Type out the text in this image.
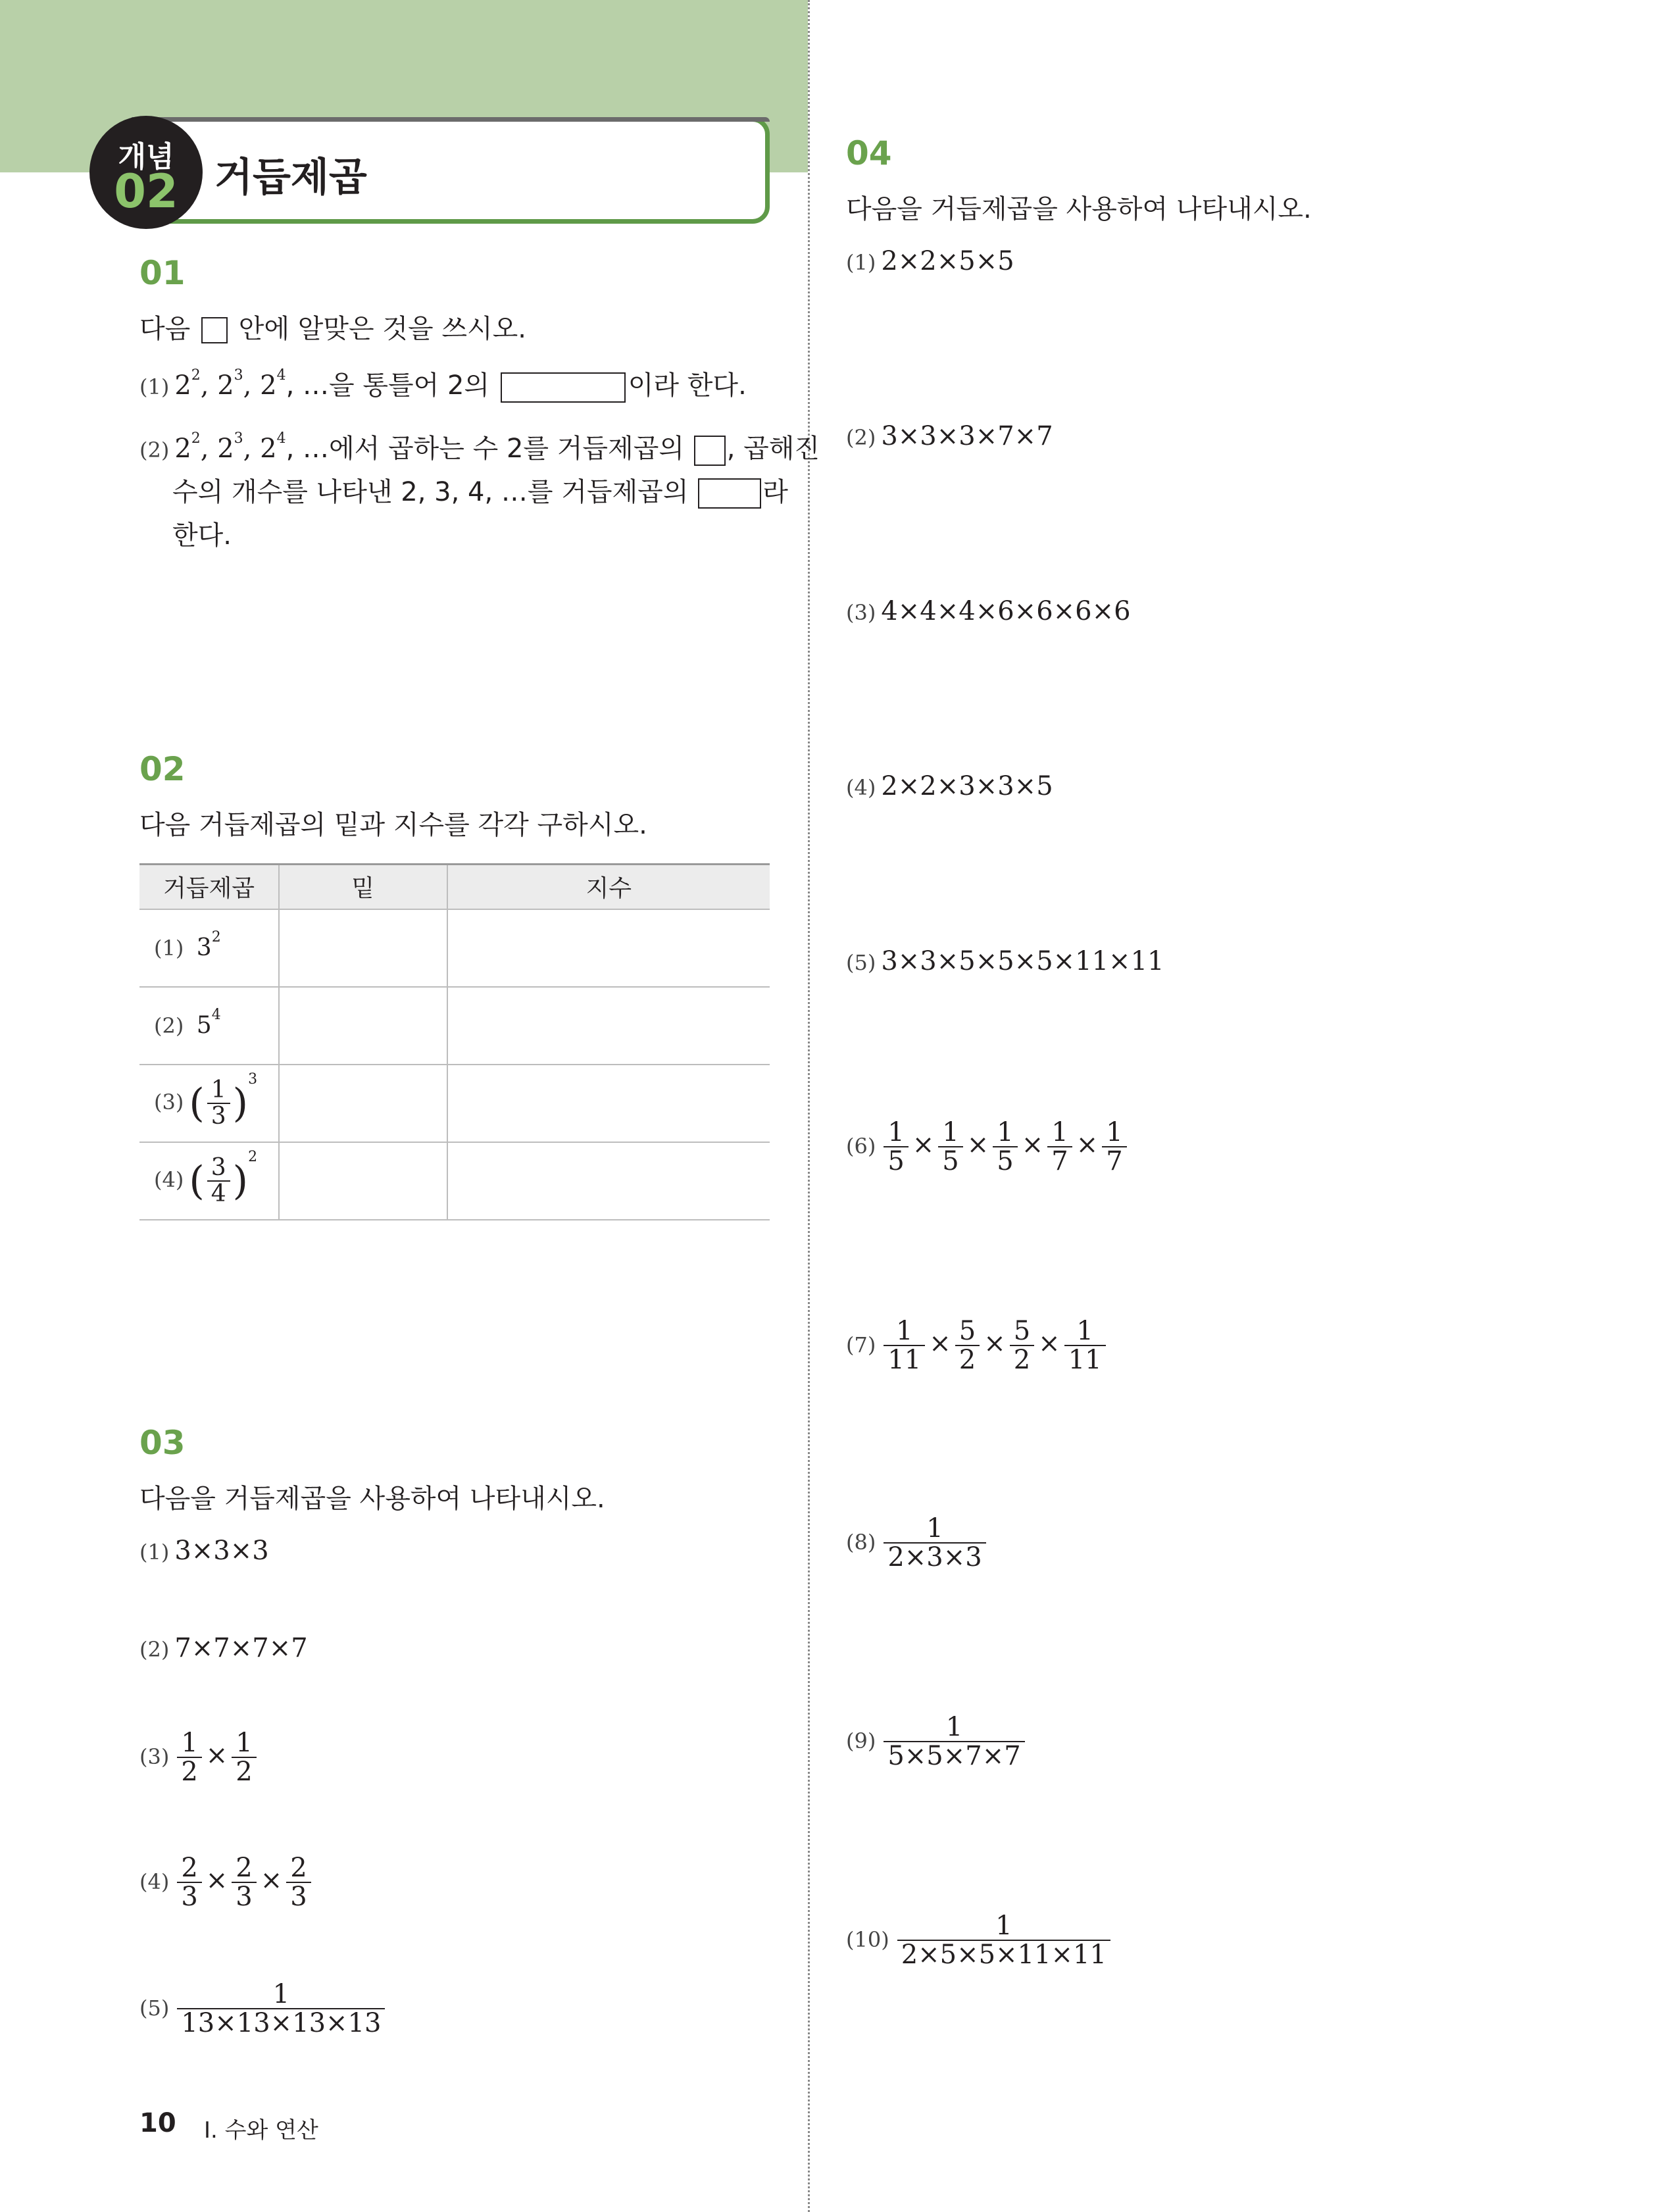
개념
02 거듭제곱
01
다음 안에 알맞은 것을 쓰시오.
(1) $2^2$, $2^3$, $2^4$, …을 통틀어 2의	이라 한다.
(2) $2^2$, $2^3$, $2^4$, …에서 곱하는 수 2를 거듭제곱의 , 곱해진
수의 개수를 나타낸 2, 3, 4, …를 거듭제곱의	라
한다.
02
다음 거듭제곱의 밑과 지수를 각각 구하시오.
거듭제곱	밑	지수
(1) $3^2$		
(2) $5^4$		
(3) ( $\frac{1}{3} )^3$		
(4) ( $\frac{3}{4} )^2$		
03
다음을 거듭제곱을 사용하여 나타내시오.
(1) 3×3×3
(2) 7×7×7×7
$(3) \frac{1}{2} \times \frac{1}{2}$
$(4) \frac{2}{3} \times \frac{2}{3} \times \frac{2}{3}$
$(5) \frac{1}{13\times 13\times 13\times 13}$
04
다음을 거듭제곱을 사용하여 나타내시오.
(1) 2×2×5×5
(2) 3×3×3×7×7
(3) 4×4×4×6×6×6×6
(4) 2×2×3×3×5
(5) 3×3×5×5×5×11×11
$(6) \frac{1}{5} \times \frac{1}{5} \times \frac{1}{5} \times \frac{1}{7} \times \frac{1}{7}$
$(7) \frac{1}{11} \times \frac{5}{2} \times \frac{5}{2} \times \frac{1}{11}$
$(8) \frac{1}{2\times 3\times 3}$
$(9) \frac{1}{5\times 5\times 7\times 7}$
$(10) \frac{1}{2\times 5\times 5\times 11\times 11}$
10 I. 수와 연산
